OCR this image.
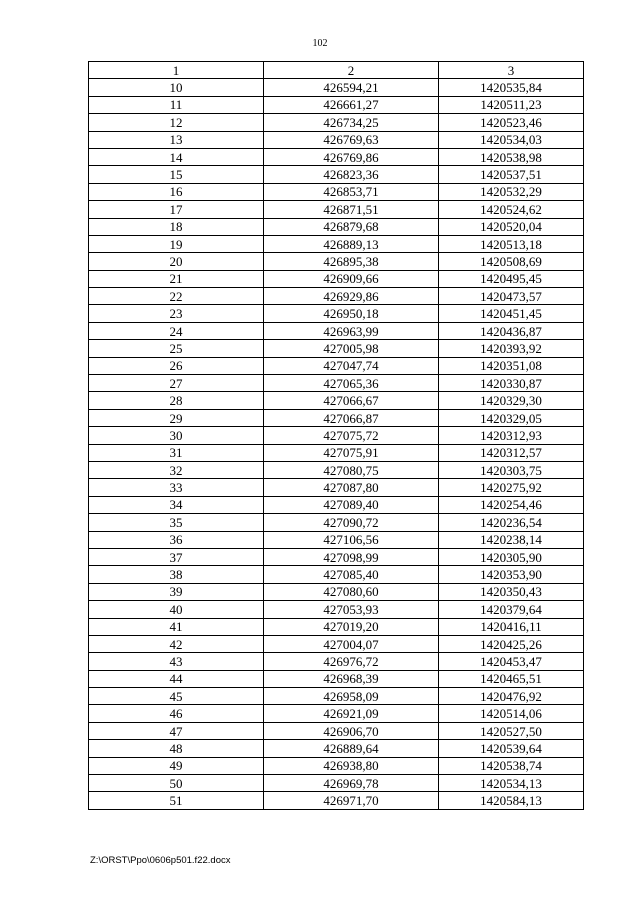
102
1	2	3
10	426594,21	1420535,84
11	426661,27	1420511,23
12	426734,25	1420523,46
13	426769,63	1420534,03
14	426769,86	1420538,98
15	426823,36	1420537,51
16	426853,71	1420532,29
17	426871,51	1420524,62
18	426879,68	1420520,04
19	426889,13	1420513,18
20	426895,38	1420508,69
21	426909,66	1420495,45
22	426929,86	1420473,57
23	426950,18	1420451,45
24	426963,99	1420436,87
25	427005,98	1420393,92
26	427047,74	1420351,08
27	427065,36	1420330,87
28	427066,67	1420329,30
29	427066,87	1420329,05
30	427075,72	1420312,93
31	427075,91	1420312,57
32	427080,75	1420303,75
33	427087,80	1420275,92
34	427089,40	1420254,46
35	427090,72	1420236,54
36	427106,56	1420238,14
37	427098,99	1420305,90
38	427085,40	1420353,90
39	427080,60	1420350,43
40	427053,93	1420379,64
41	427019,20	1420416,11
42	427004,07	1420425,26
43	426976,72	1420453,47
44	426968,39	1420465,51
45	426958,09	1420476,92
46	426921,09	1420514,06
47	426906,70	1420527,50
48	426889,64	1420539,64
49	426938,80	1420538,74
50	426969,78	1420534,13
51	426971,70	1420584,13
Z:\ORST\Ppo\0606p501.f22.docx
